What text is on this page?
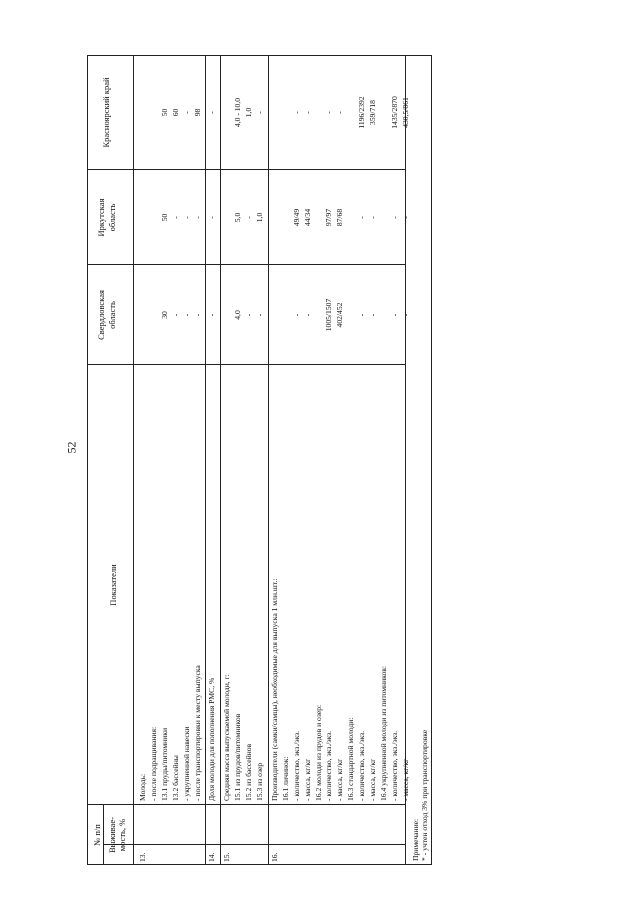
52
№ п/п Выживае- мость, %
Показатели
Свердловская область
Иркутская область
Красноярский край
13.
Молодь: - после подращивания: 13.1 пруды/питомники
30
50
50
13.2 бассейны
-
-
60
- укрупненной навески
-
-
-
- после транспортировки к месту выпуска
-
-
98
14.
Доля молоди для пополнения РМС, %
-
-
-
15.
Средняя масса выпускаемой молоди, г: 15.1 из прудов/питомников
4,0
5,0
4,0 - 10,0
15.2 из бассейнов
-
-
1,0
15.3 из озер
-
1,0
-
16.
Производители (самки/самцы), необходимые для выпуска 1 млн.шт.: 16.1 личинок: - количество, экз./экз.
-
49/49
-
- масса, кг/кг
-
44/34
-
16.2 молоди из прудов и озер: - количество, экз./экз.
1005/1507
97/97
-
- масса, кг/кг
402/452
87/68
-
16.3 стандартной молоди: - количество, экз./экз.
-
-
1196/2392
- масса, кг/кг
-
-
359/718
16.4 укрупненной молоди из питомников: - количество, экз./экз.
-
-
1435/2870
- масса, кг/кг
-
-
430,5/861
Примечание: * - учтен отход 3% при транспортировке
